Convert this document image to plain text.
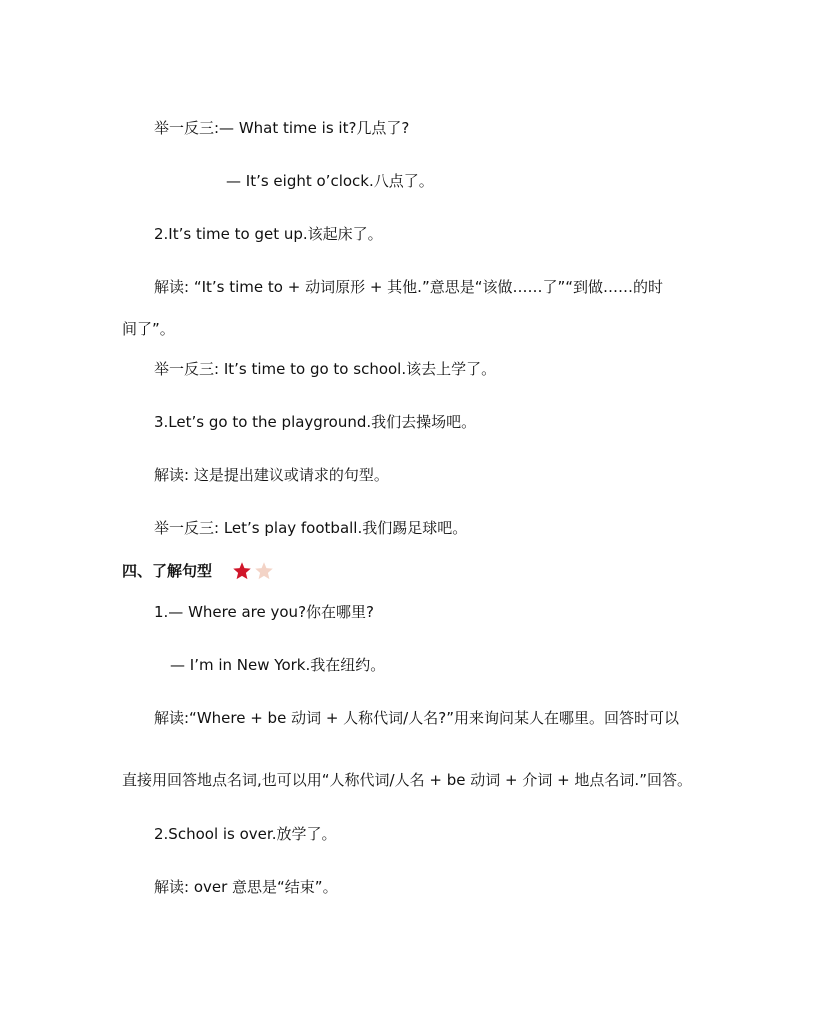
举一反三:— What time is it?几点了?
— It’s eight o’clock.八点了。
2.It’s time to get up.该起床了。
解读: “It’s time to + 动词原形 + 其他.”意思是“该做……了”“到做……的时
间了”。
举一反三: It’s time to go to school.该去上学了。
3.Let’s go to the playground.我们去操场吧。
解读: 这是提出建议或请求的句型。
举一反三: Let’s play football.我们踢足球吧。
四、了解句型
1.— Where are you?你在哪里?
— I’m in New York.我在纽约。
解读:“Where + be 动词 + 人称代词/人名?”用来询问某人在哪里。回答时可以
直接用回答地点名词,也可以用“人称代词/人名 + be 动词 + 介词 + 地点名词.”回答。
2.School is over.放学了。
解读: over 意思是“结束”。
